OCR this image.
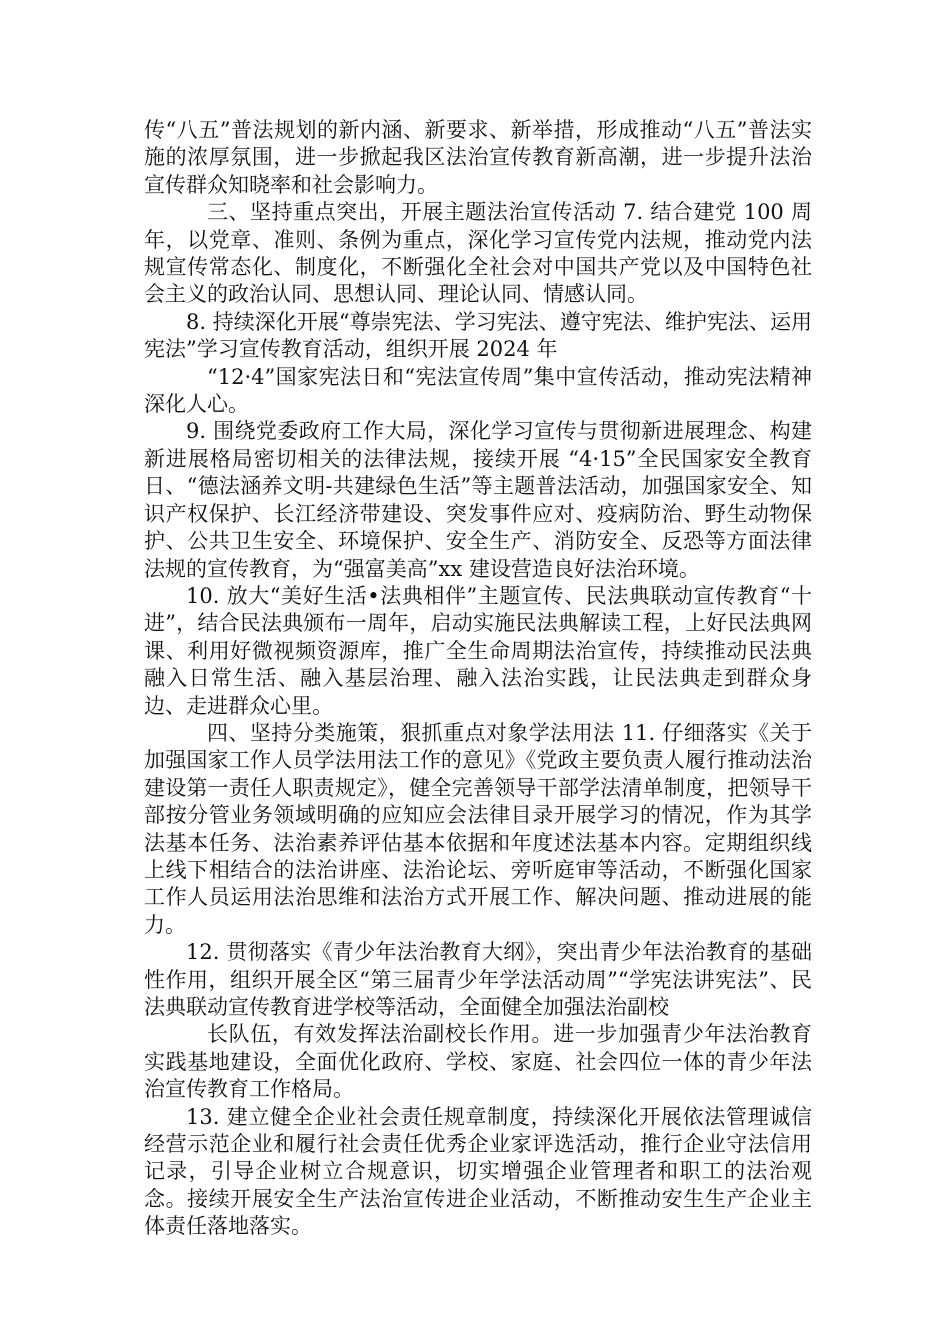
传“八五”普法规划的新内涵、新要求、新举措，形成推动“八五”普法实施的浓厚氛围，进一步掀起我区法治宣传教育新高潮，进一步提升法治宣传群众知晓率和社会影响力。

三、坚持重点突出，开展主题法治宣传活动 7. 结合建党 100 周年，以党章、准则、条例为重点，深化学习宣传党内法规，推动党内法规宣传常态化、制度化，不断强化全社会对中国共产党以及中国特色社会主义的政治认同、思想认同、理论认同、情感认同。

8. 持续深化开展“尊崇宪法、学习宪法、遵守宪法、维护宪法、运用宪法”学习宣传教育活动，组织开展 2024 年

“12·4”国家宪法日和“宪法宣传周”集中宣传活动，推动宪法精神深化人心。

9. 围绕党委政府工作大局，深化学习宣传与贯彻新进展理念、构建新进展格局密切相关的法律法规，接续开展 “4·15”全民国家安全教育日、“德法涵养文明-共建绿色生活”等主题普法活动，加强国家安全、知识产权保护、长江经济带建设、突发事件应对、疫病防治、野生动物保护、公共卫生安全、环境保护、安全生产、消防安全、反恐等方面法律法规的宣传教育，为“强富美高”xx 建设营造良好法治环境。

10. 放大“美好生活•法典相伴”主题宣传、民法典联动宣传教育“十进”，结合民法典颁布一周年，启动实施民法典解读工程，上好民法典网课、利用好微视频资源库，推广全生命周期法治宣传，持续推动民法典融入日常生活、融入基层治理、融入法治实践，让民法典走到群众身边、走进群众心里。

四、坚持分类施策，狠抓重点对象学法用法 11. 仔细落实《关于加强国家工作人员学法用法工作的意见》《党政主要负责人履行推动法治建设第一责任人职责规定》，健全完善领导干部学法清单制度，把领导干部按分管业务领域明确的应知应会法律目录开展学习的情况，作为其学法基本任务、法治素养评估基本依据和年度述法基本内容。定期组织线上线下相结合的法治讲座、法治论坛、旁听庭审等活动，不断强化国家工作人员运用法治思维和法治方式开展工作、解决问题、推动进展的能力。

12. 贯彻落实《青少年法治教育大纲》，突出青少年法治教育的基础性作用，组织开展全区“第三届青少年学法活动周”“学宪法讲宪法”、民法典联动宣传教育进学校等活动，全面健全加强法治副校

长队伍，有效发挥法治副校长作用。进一步加强青少年法治教育实践基地建设，全面优化政府、学校、家庭、社会四位一体的青少年法治宣传教育工作格局。

13. 建立健全企业社会责任规章制度，持续深化开展依法管理诚信经营示范企业和履行社会责任优秀企业家评选活动，推行企业守法信用记录，引导企业树立合规意识，切实增强企业管理者和职工的法治观念。接续开展安全生产法治宣传进企业活动，不断推动安生生产企业主体责任落地落实。
